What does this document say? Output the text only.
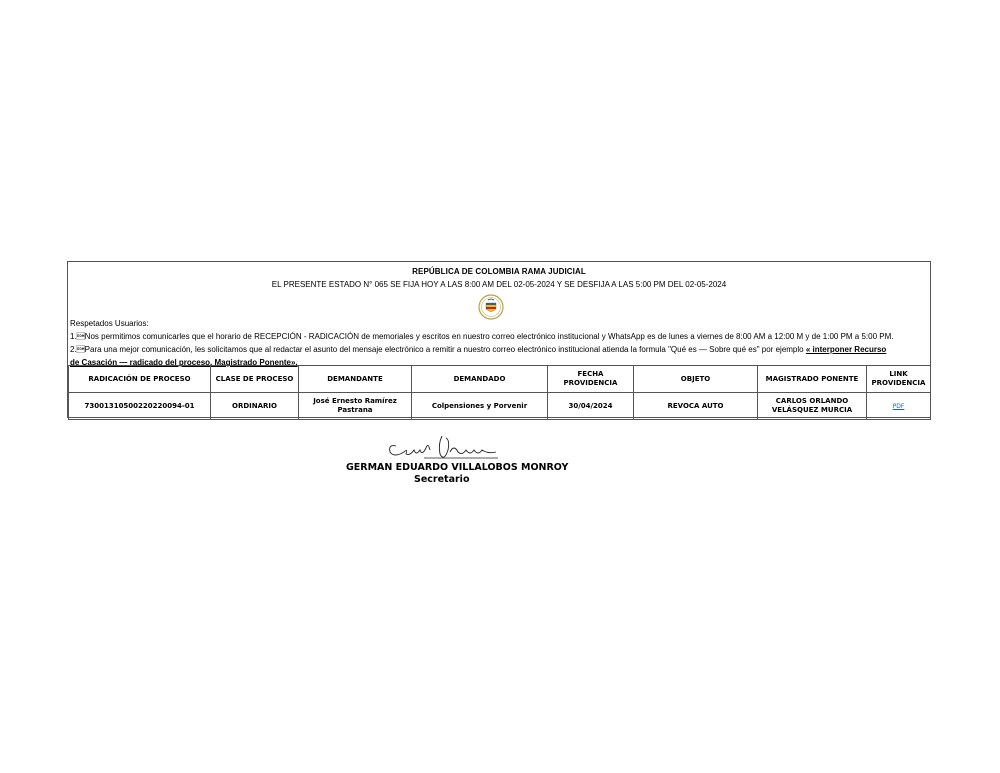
REPÚBLICA DE COLOMBIA RAMA JUDICIAL
EL PRESENTE ESTADO N° 065 SE FIJA HOY A LAS 8:00 AM DEL 02-05-2024 Y SE DESFIJA A LAS 5:00 PM DEL 02-05-2024

Respetados Usuarios:

1.Nos permitimos comunicarles que el horario de RECEPCIÓN - RADICACIÓN de memoriales y escritos en nuestro correo electrónico institucional y WhatsApp es de lunes a viernes de 8:00 AM a 12:00 M y de 1:00 PM a 5:00 PM.

2.Para una mejor comunicación, les solicitamos que al redactar el asunto del mensaje electrónico a remitir a nuestro correo electrónico institucional atienda la formula "Qué es — Sobre qué es" por ejemplo « interponer Recurso

de Casación — radicado del proceso, Magistrado Ponente».

RADICACIÓN DE PROCESO	CLASE DE PROCESO	DEMANDANTE	DEMANDADO	FECHA PROVIDENCIA	OBJETO	MAGISTRADO PONENTE	LINK PROVIDENCIA
73001310500220220094-01	ORDINARIO	José Ernesto Ramírez Pastrana	Colpensiones y Porvenir	30/04/2024	REVOCA AUTO	CARLOS ORLANDO VELÁSQUEZ MURCIA	PDF
GERMAN EDUARDO VILLALOBOS MONROY
Secretario
